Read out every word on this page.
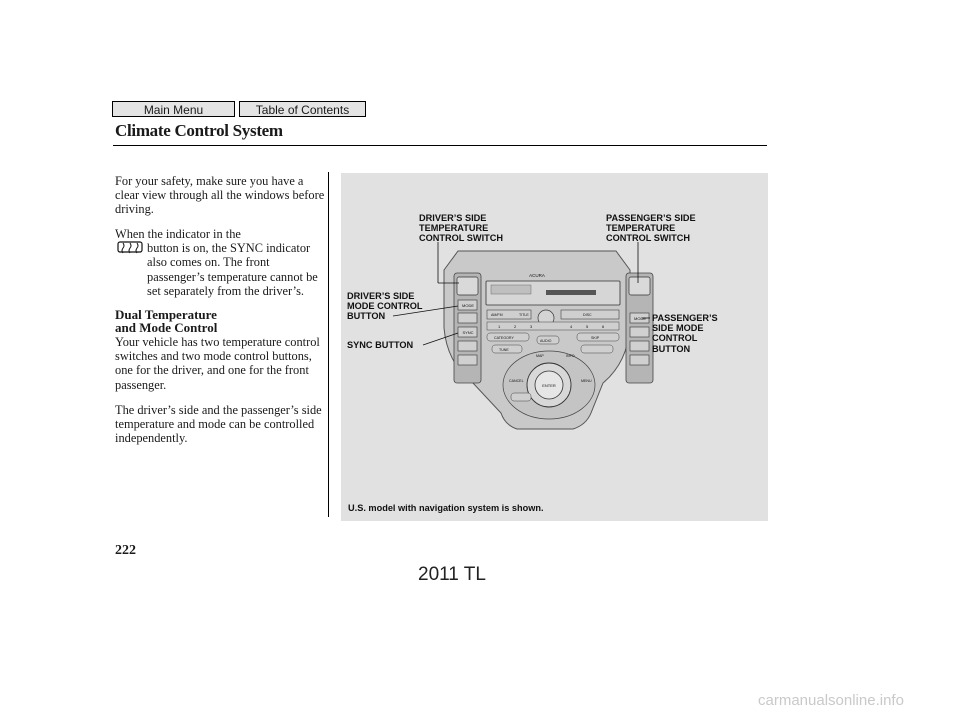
Main Menu	Table of Contents
Climate Control System

For your safety, make sure you have a clear view through all the windows before driving.

When the indicator in the

button is on, the SYNC indicator also comes on. The front passenger’s temperature cannot be set separately from the driver’s.

Dual Temperature
and Mode Control

Your vehicle has two temperature control switches and two mode control buttons, one for the driver, and one for the front passenger.

The driver’s side and the passenger’s side temperature and mode can be controlled independently.

MODE
SYNC
MODE
ACURA
AM/FM	TITLE	DISC
1	2	3	4	5	6
CATEGORY	SKIP
TUNE
AUDIO
ENTER
MAP	INFO
CANCEL	MENU
DRIVER’S SIDE
TEMPERATURE
CONTROL SWITCH
PASSENGER’S SIDE
TEMPERATURE
CONTROL SWITCH
DRIVER’S SIDE
MODE CONTROL
BUTTON
SYNC BUTTON
PASSENGER’S
SIDE MODE
CONTROL
BUTTON
U.S. model with navigation system is shown.
222
2011 TL
carmanualsonline.info
